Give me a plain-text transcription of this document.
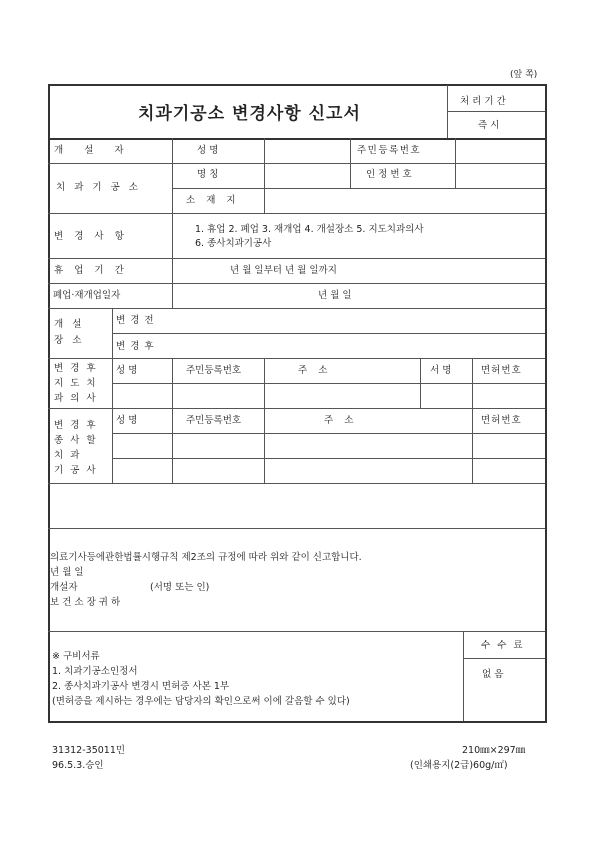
(앞 쪽)
치과기공소 변경사항 신고서
처리기간
즉 시
개 설 자	성 명	주민등록번호
치 과 기 공 소
명 칭	인정번호
소 재 지
변 경 사 항
1. 휴업 2. 폐업 3. 재개업 4. 개설장소 5. 지도치과의사
6. 종사치과기공사
휴 업 기 간	년 월 일부터 년 월 일까지
폐업·재개업일자	년 월 일
개 설
장 소
변 경 전
변 경 후
변 경 후
지 도 치
과 의 사
성 명	주민등록번호	주 소	서 명	면허번호
변 경 후
종 사 할
치 과
기 공 사
성 명	주민등록번호	주 소	면허번호
의료기사등에관한법률시행규칙 제2조의 규정에 따라 위와 같이 신고합니다.
년 월 일
개설자	(서명 또는 인)
보 건 소 장 귀 하
※ 구비서류
1. 치과기공소인정서
2. 종사치과기공사 변경시 면허증 사본 1부
(면허증을 제시하는 경우에는 담당자의 확인으로써 이에 갈음할 수 있다)
수 수 료
없 음
31312-35011민
96.5.3.승인
210㎜×297㎜
(인쇄용지(2급)60g/㎡)
